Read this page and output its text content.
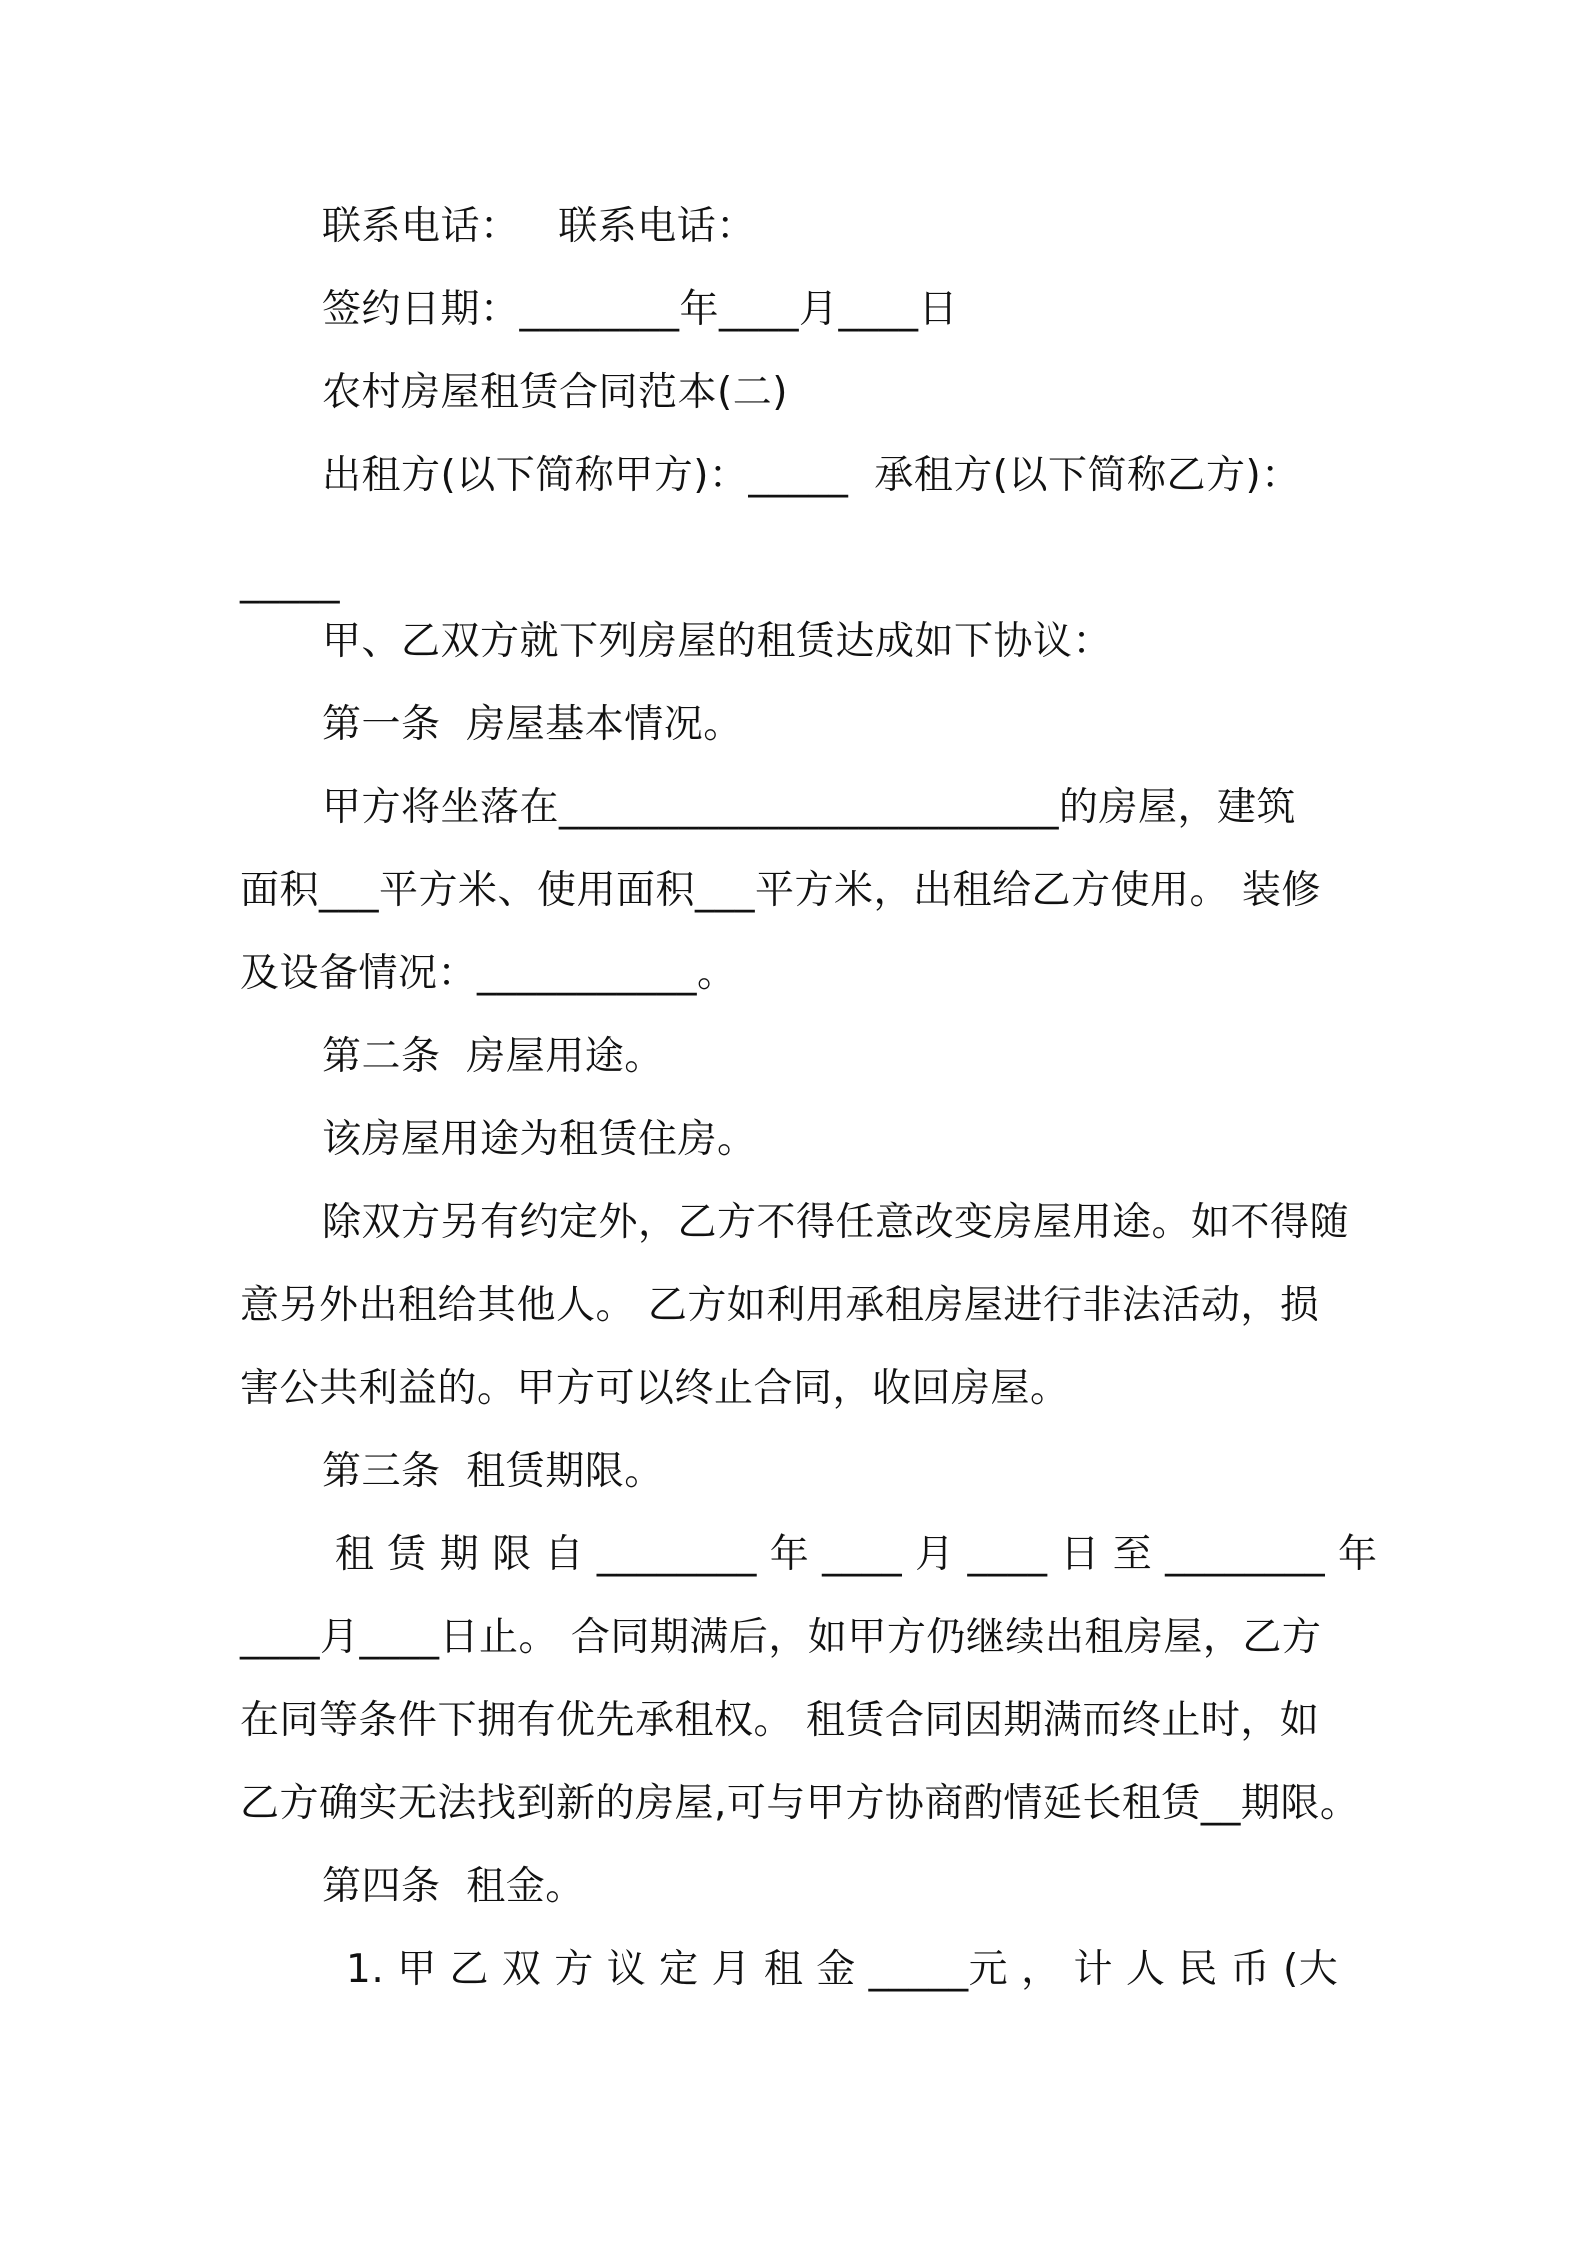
联系电话：   联系电话：
签约日期：________年____月____日
农村房屋租赁合同范本(二)
出租方(以下简称甲方)：_____  承租方(以下简称乙方)：
_____
甲、乙双方就下列房屋的租赁达成如下协议：
第一条  房屋基本情况。
甲方将坐落在_________________________的房屋，建筑
面积___平方米、使用面积___平方米，出租给乙方使用。 装修
及设备情况：___________。
第二条  房屋用途。
该房屋用途为租赁住房。
除双方另有约定外，乙方不得任意改变房屋用途。如不得随
意另外出租给其他人。 乙方如利用承租房屋进行非法活动，损
害公共利益的。甲方可以终止合同，收回房屋。
第三条  租赁期限。
租 赁 期 限 自 ________ 年 ____ 月 ____ 日 至 ________ 年
____月____日止。 合同期满后，如甲方仍继续出租房屋，乙方
在同等条件下拥有优先承租权。 租赁合同因期满而终止时，如
乙方确实无法找到新的房屋,可与甲方协商酌情延长租赁__期限。
第四条  租金。
1. 甲 乙 双 方 议 定 月 租 金 _____元 ， 计 人 民 币 (大
